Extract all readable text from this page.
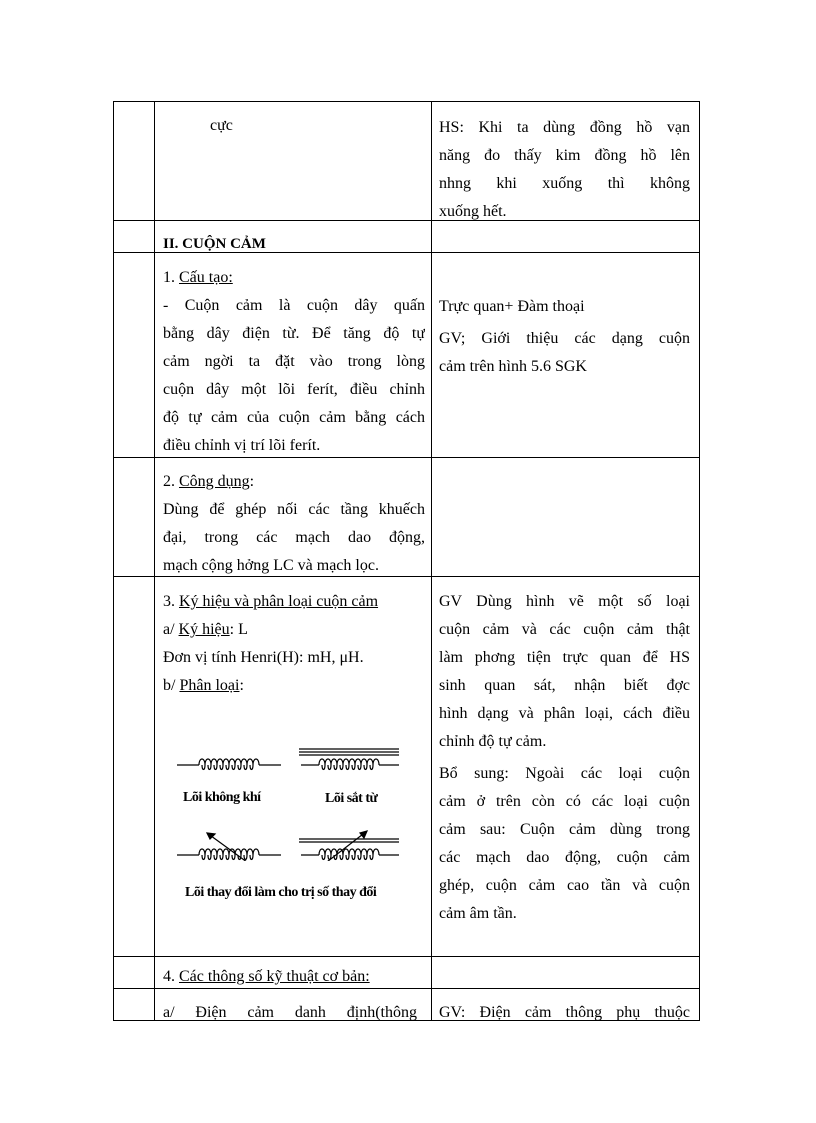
cực	HS: Khi ta dùng đồng hồ vạn
năng đo thấy kim đồng hồ lên
nhng khi xuống thì không
xuống hết.
II. CUỘN CẢM
1. Cấu tạo:
- Cuộn cảm là cuộn dây quấn
bằng dây điện từ. Để tăng độ tự
cảm ngời ta đặt vào trong lòng
cuộn dây một lõi ferít, điều chỉnh
độ tự cảm của cuộn cảm bằng cách
điều chỉnh vị trí lõi ferít.
Trực quan+ Đàm thoại
GV; Giới thiệu các dạng cuộn
cảm trên hình 5.6 SGK
2. Công dụng:
Dùng để ghép nối các tầng khuếch
đại, trong các mạch dao động,
mạch cộng hởng LC và mạch lọc.
3. Ký hiệu và phân loại cuộn cảm
a/ Ký hiệu: L
Đơn vị tính Henri(H): mH, μH.
b/ Phân loại:
Lõi không khí	Lõi sắt từ
Lõi thay đổi làm cho trị số thay đổi
GV Dùng hình vẽ một số loại
cuộn cảm và các cuộn cảm thật
làm phơng tiện trực quan để HS
sinh quan sát, nhận biết đợc
hình dạng và phân loại, cách điều
chỉnh độ tự cảm.
Bổ sung: Ngoài các loại cuộn
cảm ở trên còn có các loại cuộn
cảm sau: Cuộn cảm dùng trong
các mạch dao động, cuộn cảm
ghép, cuộn cảm cao tần và cuộn
cảm âm tần.
4. Các thông số kỹ thuật cơ bản:
a/ Điện cảm danh định(thông GV: Điện cảm thông phụ thuộc
